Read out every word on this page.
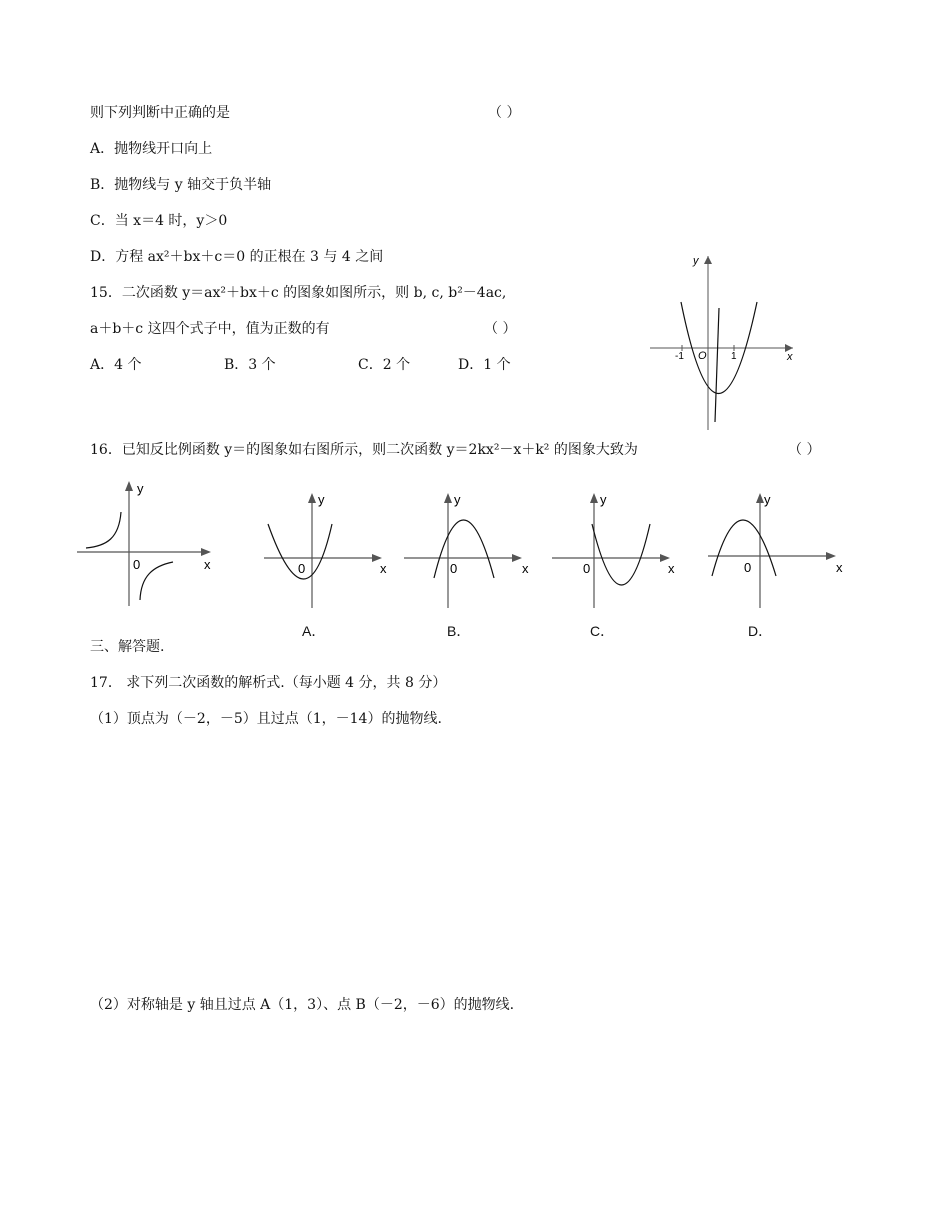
则下列判断中正确的是	（ ）
A．抛物线开口向上
B．抛物线与 y 轴交于负半轴
C．当 x＝4 时，y＞0
D．方程 ax²＋bx＋c＝0 的正根在 3 与 4 之间
15．二次函数 y＝ax²＋bx＋c 的图象如图所示，则 b, c, b²－4ac,
a＋b＋c 这四个式子中，值为正数的有	（ ）
A．4 个	B．3 个	C．2 个	D．1 个
y
x
O
-1	1
16．已知反比例函数 y＝的图象如右图所示，则二次函数 y＝2kx²－x＋k² 的图象大致为	（ ）
y
x
0
y
x
0
A．
y
x
0
B．
y
x
0
C．
y
x
0
D．
三、解答题.
17． 求下列二次函数的解析式.（每小题 4 分，共 8 分）
（1）顶点为（－2，－5）且过点（1，－14）的抛物线.
（2）对称轴是 y 轴且过点 A（1，3）、点 B（－2，－6）的抛物线.
